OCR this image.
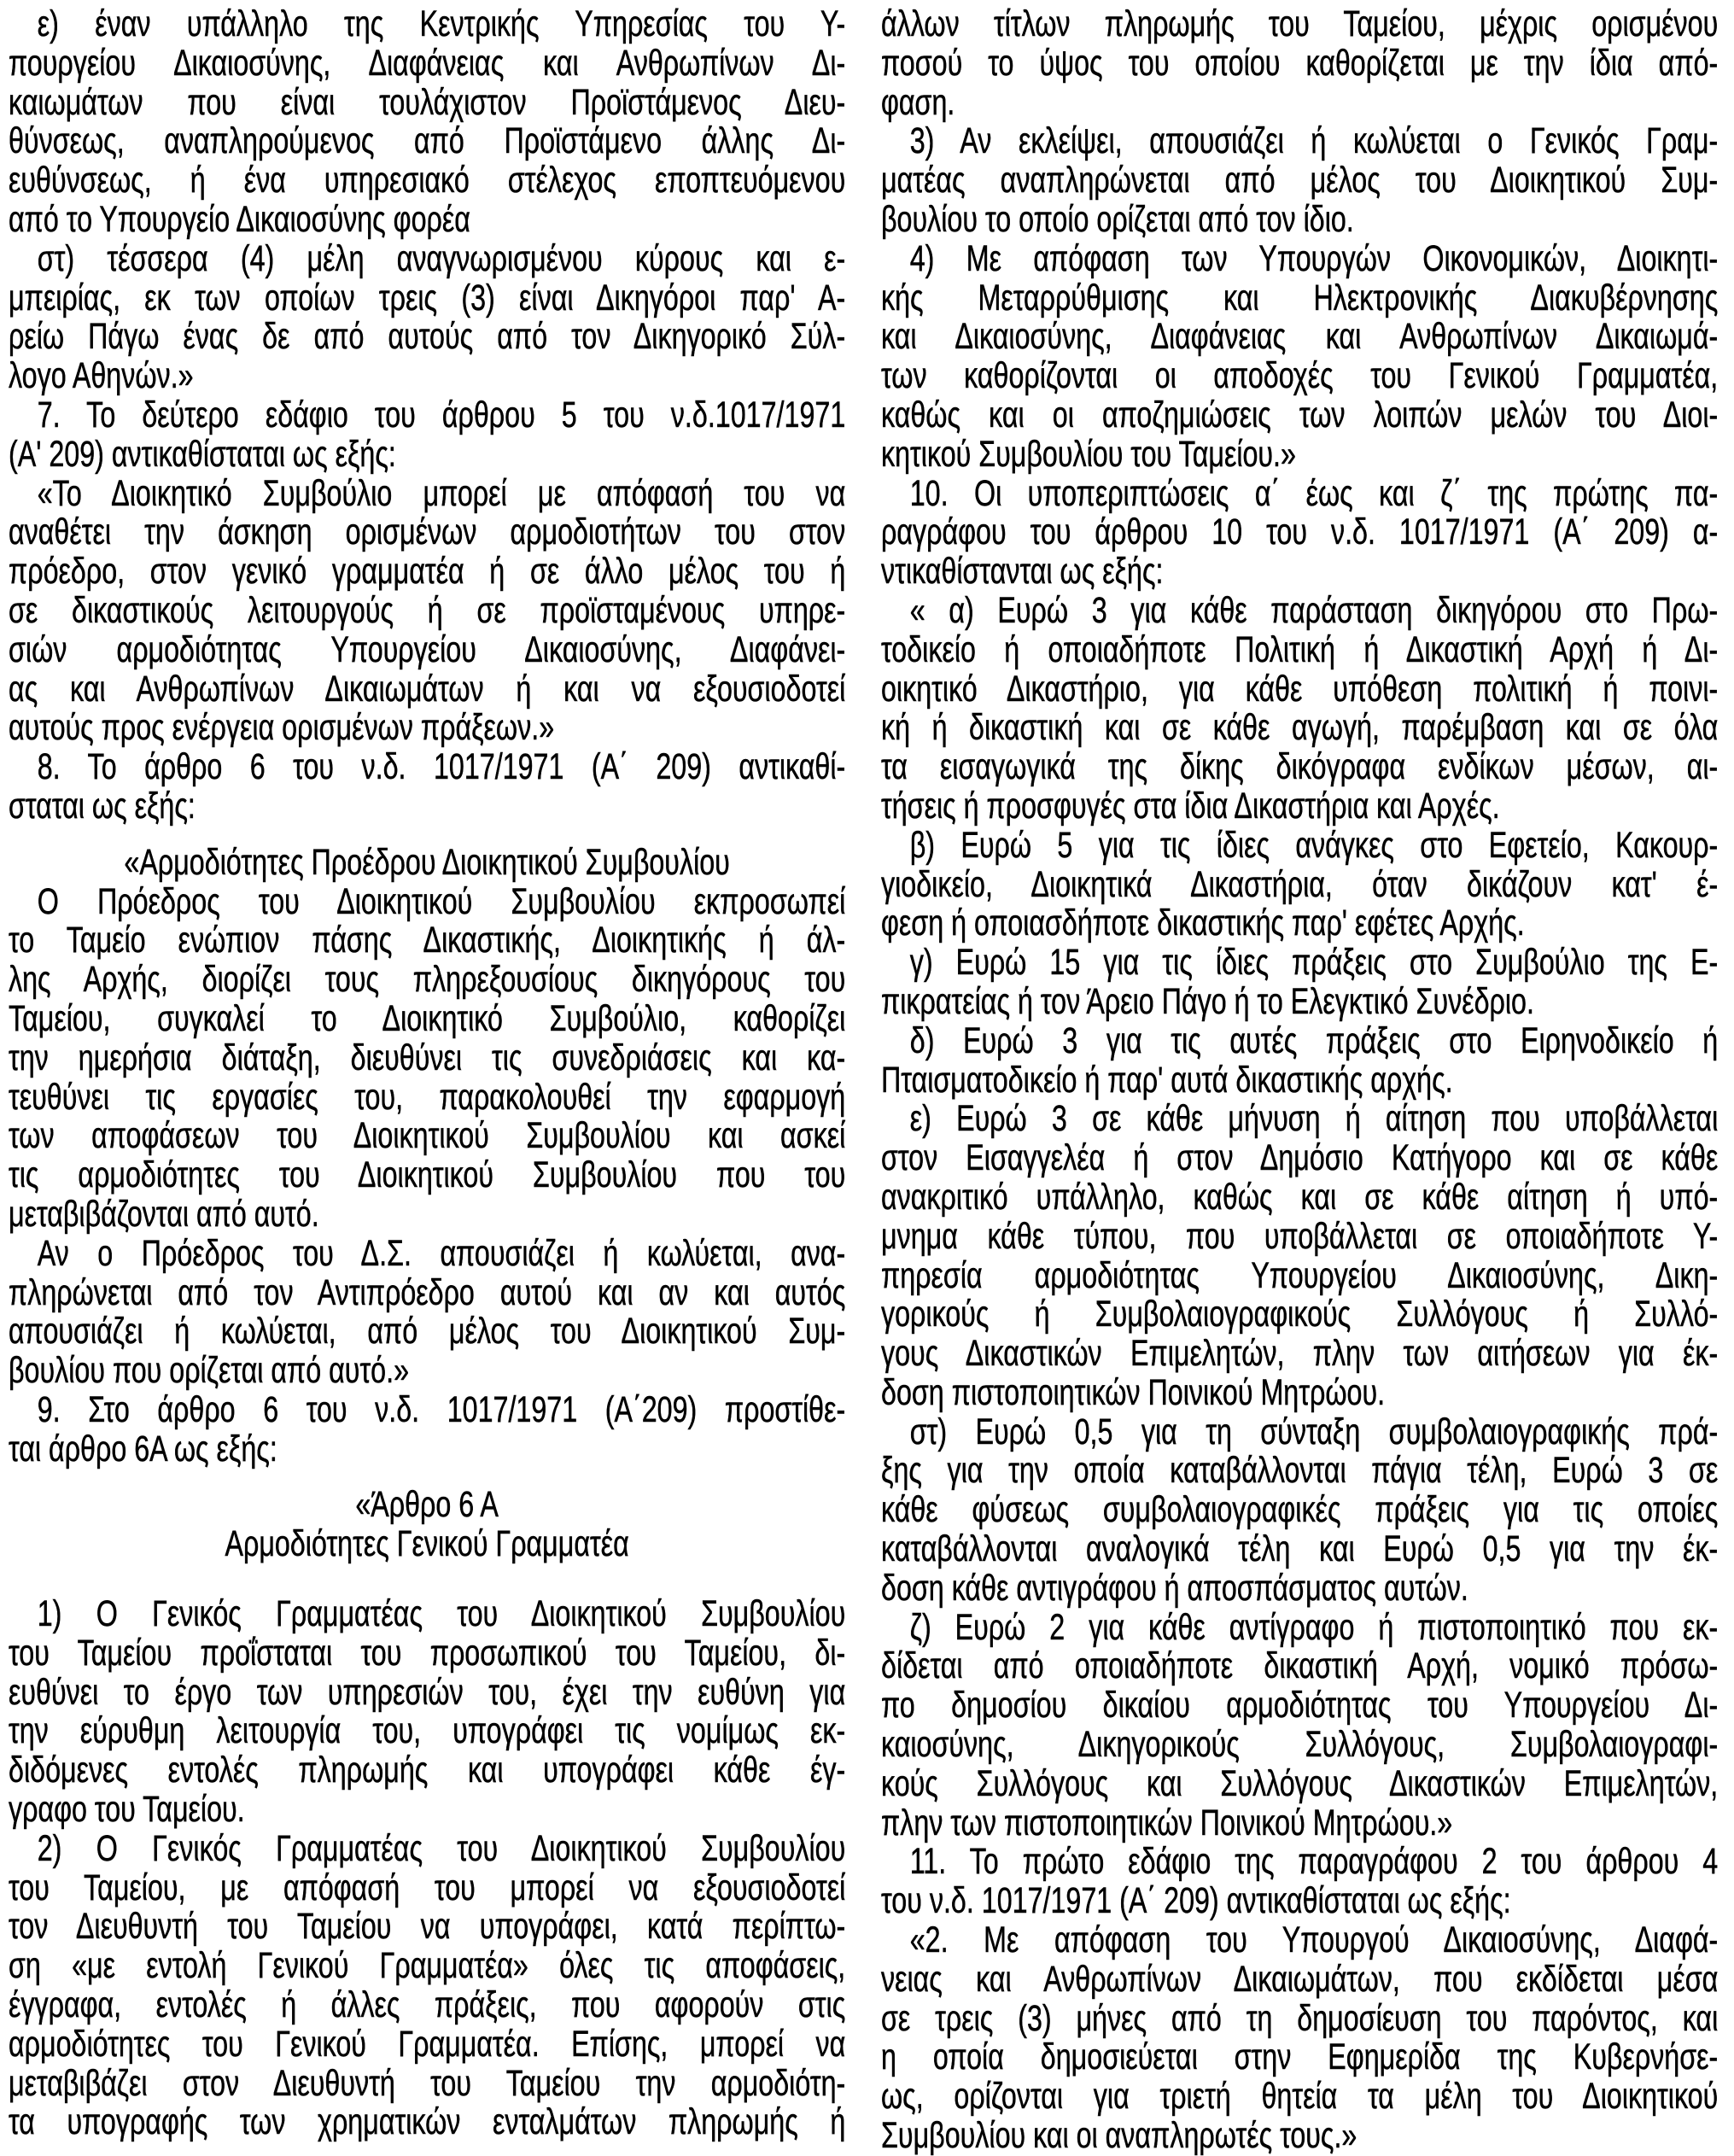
ε) έναν υπάλληλο της Κεντρικής Υπηρεσίας του Υ-
πουργείου Δικαιοσύνης, Διαφάνειας και Ανθρωπίνων Δι-
καιωμάτων που είναι τουλάχιστον Προϊστάμενος Διευ-
θύνσεως, αναπληρούμενος από Προϊστάμενο άλλης Δι-
ευθύνσεως, ή ένα υπηρεσιακό στέλεχος εποπτευόμενου
από το Υπουργείο Δικαιοσύνης φορέα
στ) τέσσερα (4) μέλη αναγνωρισμένου κύρους και ε-
μπειρίας, εκ των οποίων τρεις (3) είναι Δικηγόροι παρ' Α-
ρείω Πάγω ένας δε από αυτούς από τον Δικηγορικό Σύλ-
λογο Αθηνών.»
7. Το δεύτερο εδάφιο του άρθρου 5 του ν.δ.1017/1971
(Α' 209) αντικαθίσταται ως εξής:
«Το Διοικητικό Συμβούλιο μπορεί με απόφασή του να
αναθέτει την άσκηση ορισμένων αρμοδιοτήτων του στον
πρόεδρο, στον γενικό γραμματέα ή σε άλλο μέλος του ή
σε δικαστικούς λειτουργούς ή σε προϊσταμένους υπηρε-
σιών αρμοδιότητας Υπουργείου Δικαιοσύνης, Διαφάνει-
ας και Ανθρωπίνων Δικαιωμάτων ή και να εξουσιοδοτεί
αυτούς προς ενέργεια ορισμένων πράξεων.»
8. Το άρθρο 6 του ν.δ. 1017/1971 (Α΄ 209) αντικαθί-
σταται ως εξής:
«Αρμοδιότητες Προέδρου Διοικητικού Συμβουλίου
Ο Πρόεδρος του Διοικητικού Συμβουλίου εκπροσωπεί
το Ταμείο ενώπιον πάσης Δικαστικής, Διοικητικής ή άλ-
λης Αρχής, διορίζει τους πληρεξουσίους δικηγόρους του
Ταμείου, συγκαλεί το Διοικητικό Συμβούλιο, καθορίζει
την ημερήσια διάταξη, διευθύνει τις συνεδριάσεις και κα-
τευθύνει τις εργασίες του, παρακολουθεί την εφαρμογή
των αποφάσεων του Διοικητικού Συμβουλίου και ασκεί
τις αρμοδιότητες του Διοικητικού Συμβουλίου που του
μεταβιβάζονται από αυτό.
Αν ο Πρόεδρος του Δ.Σ. απουσιάζει ή κωλύεται, ανα-
πληρώνεται από τον Αντιπρόεδρο αυτού και αν και αυτός
απουσιάζει ή κωλύεται, από μέλος του Διοικητικού Συμ-
βουλίου που ορίζεται από αυτό.»
9. Στο άρθρο 6 του ν.δ. 1017/1971 (Α΄209) προστίθε-
ται άρθρο 6Α ως εξής:
«Άρθρο 6 Α
Αρμοδιότητες Γενικού Γραμματέα
1) Ο Γενικός Γραμματέας του Διοικητικού Συμβουλίου
του Ταμείου προΐσταται του προσωπικού του Ταμείου, δι-
ευθύνει το έργο των υπηρεσιών του, έχει την ευθύνη για
την εύρυθμη λειτουργία του, υπογράφει τις νομίμως εκ-
διδόμενες εντολές πληρωμής και υπογράφει κάθε έγ-
γραφο του Ταμείου.
2) Ο Γενικός Γραμματέας του Διοικητικού Συμβουλίου
του Ταμείου, με απόφασή του μπορεί να εξουσιοδοτεί
τον Διευθυντή του Ταμείου να υπογράφει, κατά περίπτω-
ση «με εντολή Γενικού Γραμματέα» όλες τις αποφάσεις,
έγγραφα, εντολές ή άλλες πράξεις, που αφορούν στις
αρμοδιότητες του Γενικού Γραμματέα. Επίσης, μπορεί να
μεταβιβάζει στον Διευθυντή του Ταμείου την αρμοδιότη-
τα υπογραφής των χρηματικών ενταλμάτων πληρωμής ή
άλλων τίτλων πληρωμής του Ταμείου, μέχρις ορισμένου
ποσού το ύψος του οποίου καθορίζεται με την ίδια από-
φαση.
3) Αν εκλείψει, απουσιάζει ή κωλύεται ο Γενικός Γραμ-
ματέας αναπληρώνεται από μέλος του Διοικητικού Συμ-
βουλίου το οποίο ορίζεται από τον ίδιο.
4) Με απόφαση των Υπουργών Οικονομικών, Διοικητι-
κής Μεταρρύθμισης και Ηλεκτρονικής Διακυβέρνησης
και Δικαιοσύνης, Διαφάνειας και Ανθρωπίνων Δικαιωμά-
των καθορίζονται οι αποδοχές του Γενικού Γραμματέα,
καθώς και οι αποζημιώσεις των λοιπών μελών του Διοι-
κητικού Συμβουλίου του Ταμείου.»
10. Οι υποπεριπτώσεις α΄ έως και ζ΄ της πρώτης πα-
ραγράφου του άρθρου 10 του ν.δ. 1017/1971 (Α΄ 209) α-
ντικαθίστανται ως εξής:
« α) Ευρώ 3 για κάθε παράσταση δικηγόρου στο Πρω-
τοδικείο ή οποιαδήποτε Πολιτική ή Δικαστική Αρχή ή Δι-
οικητικό Δικαστήριο, για κάθε υπόθεση πολιτική ή ποινι-
κή ή δικαστική και σε κάθε αγωγή, παρέμβαση και σε όλα
τα εισαγωγικά της δίκης δικόγραφα ενδίκων μέσων, αι-
τήσεις ή προσφυγές στα ίδια Δικαστήρια και Αρχές.
β) Ευρώ 5 για τις ίδιες ανάγκες στο Εφετείο, Κακουρ-
γιοδικείο, Διοικητικά Δικαστήρια, όταν δικάζουν κατ' έ-
φεση ή οποιασδήποτε δικαστικής παρ' εφέτες Αρχής.
γ) Ευρώ 15 για τις ίδιες πράξεις στο Συμβούλιο της Ε-
πικρατείας ή τον Άρειο Πάγο ή το Ελεγκτικό Συνέδριο.
δ) Ευρώ 3 για τις αυτές πράξεις στο Ειρηνοδικείο ή
Πταισματοδικείο ή παρ' αυτά δικαστικής αρχής.
ε) Ευρώ 3 σε κάθε μήνυση ή αίτηση που υποβάλλεται
στον Εισαγγελέα ή στον Δημόσιο Κατήγορο και σε κάθε
ανακριτικό υπάλληλο, καθώς και σε κάθε αίτηση ή υπό-
μνημα κάθε τύπου, που υποβάλλεται σε οποιαδήποτε Υ-
πηρεσία αρμοδιότητας Υπουργείου Δικαιοσύνης, Δικη-
γορικούς ή Συμβολαιογραφικούς Συλλόγους ή Συλλό-
γους Δικαστικών Επιμελητών, πλην των αιτήσεων για έκ-
δοση πιστοποιητικών Ποινικού Μητρώου.
στ) Ευρώ 0,5 για τη σύνταξη συμβολαιογραφικής πρά-
ξης για την οποία καταβάλλονται πάγια τέλη, Ευρώ 3 σε
κάθε φύσεως συμβολαιογραφικές πράξεις για τις οποίες
καταβάλλονται αναλογικά τέλη και Ευρώ 0,5 για την έκ-
δοση κάθε αντιγράφου ή αποσπάσματος αυτών.
ζ) Ευρώ 2 για κάθε αντίγραφο ή πιστοποιητικό που εκ-
δίδεται από οποιαδήποτε δικαστική Αρχή, νομικό πρόσω-
πο δημοσίου δικαίου αρμοδιότητας του Υπουργείου Δι-
καιοσύνης, Δικηγορικούς Συλλόγους, Συμβολαιογραφι-
κούς Συλλόγους και Συλλόγους Δικαστικών Επιμελητών,
πλην των πιστοποιητικών Ποινικού Μητρώου.»
11. Το πρώτο εδάφιο της παραγράφου 2 του άρθρου 4
του ν.δ. 1017/1971 (Α΄ 209) αντικαθίσταται ως εξής:
«2. Με απόφαση του Υπουργού Δικαιοσύνης, Διαφά-
νειας και Ανθρωπίνων Δικαιωμάτων, που εκδίδεται μέσα
σε τρεις (3) μήνες από τη δημοσίευση του παρόντος, και
η οποία δημοσιεύεται στην Εφημερίδα της Κυβερνήσε-
ως, ορίζονται για τριετή θητεία τα μέλη του Διοικητικού
Συμβουλίου και οι αναπληρωτές τους.»
